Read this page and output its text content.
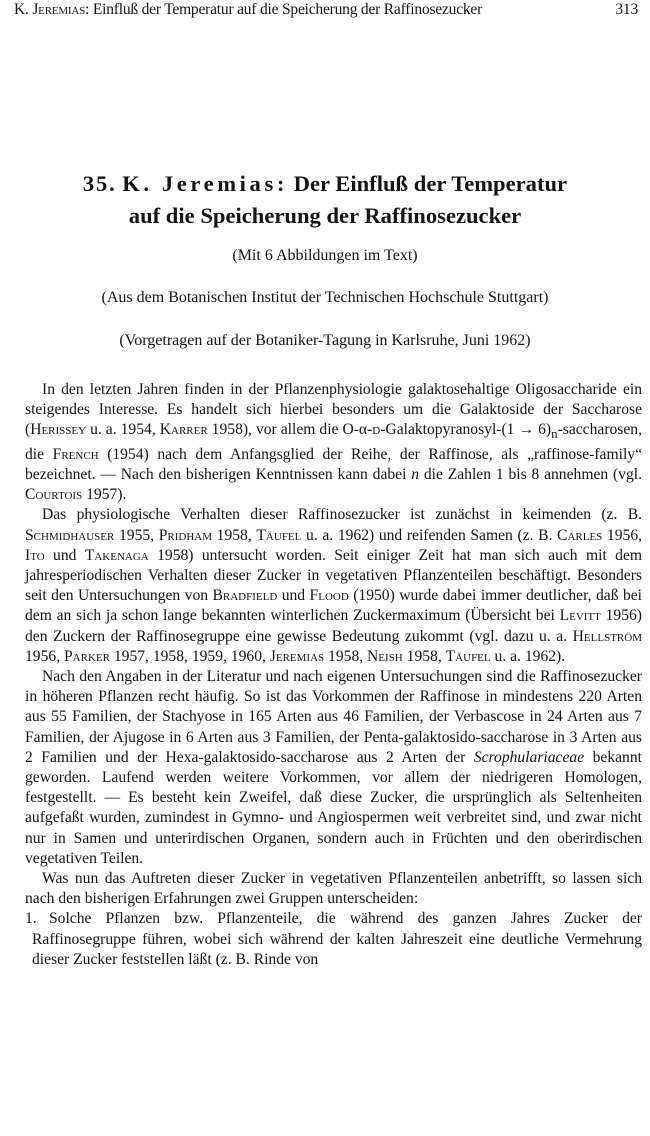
K. Jeremias: Einfluß der Temperatur auf die Speicherung der Raffinosezucker	313
35. K. Jeremias: Der Einfluß der Temperatur
auf die Speicherung der Raffinosezucker

(Mit 6 Abbildungen im Text)

(Aus dem Botanischen Institut der Technischen Hochschule Stuttgart)

(Vorgetragen auf der Botaniker-Tagung in Karlsruhe, Juni 1962)

In den letzten Jahren finden in der Pflanzenphysiologie galaktosehaltige Oligosaccharide ein steigendes Interesse. Es handelt sich hierbei besonders um die Galaktoside der Saccharose (Herissey u. a. 1954, Karrer 1958), vor allem die O-α-d-Galaktopyranosyl-(1 → $6)_n$-saccharosen, die French (1954) nach dem Anfangsglied der Reihe, der Raffinose, als „raffinose-family“ bezeichnet. — Nach den bisherigen Kenntnissen kann dabei n die Zahlen 1 bis 8 annehmen (vgl. Courtois 1957).

Das physiologische Verhalten dieser Raffinosezucker ist zunächst in keimenden (z. B. Schmidhauser 1955, Pridham 1958, Täufel u. a. 1962) und reifenden Samen (z. B. Carles 1956, Ito und Takenaga 1958) untersucht worden. Seit einiger Zeit hat man sich auch mit dem jahresperiodischen Verhalten dieser Zucker in vegetativen Pflanzenteilen beschäftigt. Besonders seit den Untersuchungen von Bradfield und Flood (1950) wurde dabei immer deutlicher, daß bei dem an sich ja schon lange bekannten winterlichen Zuckermaximum (Übersicht bei Levitt 1956) den Zuckern der Raffinosegruppe eine gewisse Bedeutung zukommt (vgl. dazu u. a. Hellström 1956, Parker 1957, 1958, 1959, 1960, Jeremias 1958, Neish 1958, Täufel u. a. 1962).

Nach den Angaben in der Literatur und nach eigenen Untersuchungen sind die Raffinosezucker in höheren Pflanzen recht häufig. So ist das Vorkommen der Raffinose in mindestens 220 Arten aus 55 Familien, der Stachyose in 165 Arten aus 46 Familien, der Verbascose in 24 Arten aus 7 Familien, der Ajugose in 6 Arten aus 3 Familien, der Penta-galaktosido-saccharose in 3 Arten aus 2 Familien und der Hexa-galaktosido-saccharose aus 2 Arten der Scrophulariaceae bekannt geworden. Laufend werden weitere Vorkommen, vor allem der niedrigeren Homologen, festgestellt. — Es besteht kein Zweifel, daß diese Zucker, die ursprünglich als Seltenheiten aufgefaßt wurden, zumindest in Gymno- und Angiospermen weit verbreitet sind, und zwar nicht nur in Samen und unterirdischen Organen, sondern auch in Früchten und den oberirdischen vegetativen Teilen.

Was nun das Auftreten dieser Zucker in vegetativen Pflanzenteilen anbetrifft, so lassen sich nach den bisherigen Erfahrungen zwei Gruppen unterscheiden:

1. Solche Pflanzen bzw. Pflanzenteile, die während des ganzen Jahres Zucker der Raffinosegruppe führen, wobei sich während der kalten Jahreszeit eine deutliche Vermehrung dieser Zucker feststellen läßt (z. B. Rinde von
